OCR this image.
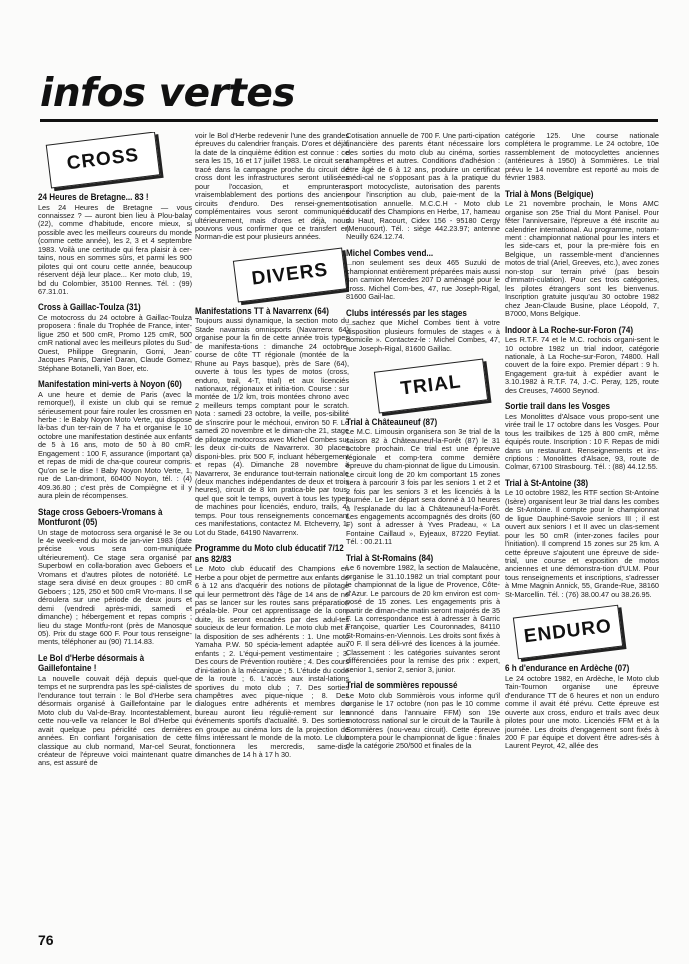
infos vertes
CROSS
24 Heures de Bretagne... 83 !

Les 24 Heures de Bretagne — vous connaissez ? — auront bien lieu à Plou-balay (22), comme d'habitude, encore mieux, si possible avec les meilleurs coureurs du monde (comme cette année), les 2, 3 et 4 septembre 1983. Voilà une certitude qui fera plaisir à cer-tains, nous en sommes sûrs, et parmi les 900 pilotes qui ont couru cette année, beaucoup réservent déjà leur place... Ker moto club, 19, bd du Colombier, 35100 Rennes. Tél. : (99) 67.31.01.

Cross à Gaillac-Toulza (31)

Ce motocross du 24 octobre à Gaillac-Toulza proposera : finale du Trophée de France, inter-ligue 250 et 500 cmR, Promo 125 cmR, 500 cmR national avec les meilleurs pilotes du Sud-Ouest, Philippe Gregnanin, Gorni, Jean-Jacques Panis, Daniel Daran, Claude Gomez, Stéphane Botanelli, Yan Boer, etc.

Manifestation mini-verts à Noyon (60)

A une heure et demie de Paris (avec la remorque!), il existe un club qui se remue sérieusement pour faire rouler les crossmen en herbe : le Baby Noyon Moto Verte, qui dispose là-bas d'un ter-rain de 7 ha et organise le 10 octobre une manifestation destinée aux enfants de 5 à 16 ans, moto de 50 à 80 cmR. Engagement : 100 F, assurance (important ça) et repas de midi de cha-que coureur compris. Qu'on se le dise ! Baby Noyon Moto Verte, 1, rue de Lan-drimont, 60400 Noyon, tél. : (4) 409.36.80 ; c'est près de Compiègne et il y aura plein de récompenses.

Stage cross Geboers-Vromans à Montfuront (05)

Un stage de motocross sera organisé le 3e ou le 4e week-end du mois de jan-vier 1983 (date précise vous sera com-muniquée ultérieurement). Ce stage sera organisé par Superbowl en colla-boration avec Geboers et Vromans et d'autres pilotes de notoriété. Le stage sera divisé en deux groupes : 80 cmR Geboers ; 125, 250 et 500 cmR Vro-mans. Il se déroulera sur une période de deux jours et demi (vendredi après-midi, samedi et dimanche) ; hébergement et repas compris ; lieu du stage Montfu-ront (près de Manosque 05). Prix du stage 600 F. Pour tous renseigne-ments, téléphoner au (90) 71.14.83.

Le Bol d'Herbe désormais à Gaillefontaine !

La nouvelle couvait déjà depuis quel-que temps et ne surprendra pas les spé-cialistes de l'endurance tout terrain : le Bol d'Herbe sera désormais organisé à Gaillefontaine par le Moto club du Val-de-Bray. Incontestablement, cette nou-velle va relancer le Bol d'Herbe qui avait quelque peu périclité ces dernières années. En confiant l'organisation de cette classique au club normand, Mar-cel Seurat, créateur de l'épreuve voici maintenant quatre ans, est assuré de

voir le Bol d'Herbe redevenir l'une des grandes épreuves du calendrier français. D'ores et déjà, la date de la cinquième édition est connue : ce sera les 15, 16 et 17 juillet 1983. Le circuit sera tracé dans la campagne proche du circuit de cross dont les infrastructures seront utilisées pour l'occasion, et emprunteras vraisemblablement des portions des anciens circuits d'enduro. Des rensei-gnements complémentaires vous seront communiqués ultérieurement, mais d'ores et déjà, nous pouvons vous confirmer que ce transfert en Norman-die est pour plusieurs années.

DIVERS
Manifestations TT à Navarrenx (64)

Toujours aussi dynamique, la section moto du Stade navarrais omnisports (Navarrenx 64) organise pour la fin de cette année trois types de manifesta-tions : dimanche 24 octobre, course de côte TT régionale (montée de la Rhune au Pays basque), près de Sare (64), ouverte à tous les types de motos (cross, enduro, trail, 4-T, trial) et aux licenciés nationaux, régionaux et initia-tion. Course : sur montée de 1/2 km, trois montées chrono avec 2 meilleurs temps comptant pour le scratch. Nota : samedi 23 octobre, la veille, pos-sibilité de s'inscrire pour le méchoui, environ 50 F. Le samedi 20 novembre et le diman-che 21, stage de pilotage motocross avec Michel Combes sur les deux cir-cuits de Navarrenx. 30 places disponi-bles. prix 500 F, incluant hébergement et repas (4). Dimanche 28 novembre à Navarrenx, 3e endurance tout-terrain nationale (deux manches indépendantes de deux et trois heures), circuit de 8 km pratica-ble par tous, quel que soit le temps, ouvert à tous les types de machines pour licenciés, enduro, trails, 4-temps. Pour tous renseignements concernant ces manifestations, contactez M. Etcheverry, 1, Lot du Stade, 64190 Navarrenx.

Programme du Moto club éducatif 7/12 ans 82/83

Le Moto club éducatif des Champions en Herbe a pour objet de permettre aux enfants de 6 à 12 ans d'acquérir des notions de pilotage qui leur permettront dès l'âge de 14 ans de ne pas se lancer sur les routes sans préparation préala-ble. Pour cet apprentissage de la con-duite, ils seront encadrés par des adul-tes soucieux de leur formation. Le moto club met à la disposition de ses adhérents : 1. Une moto Yamaha P.W. 50 spécia-lement adaptée aux enfants ; 2. L'équi-pement vestimentaire ; 3. Des cours de Prévention routière ; 4. Des cours d'ini-tiation à la mécanique ; 5. L'étude du code de la route ; 6. L'accès aux instal-lations sportives du moto club ; 7. Des sorties champêtres avec pique-nique ; 8. Des dialogues entre adhérents et membres du bureau auront lieu réguliè-rement sur les événements sportifs d'actualité. 9. Des sorties en groupe au cinéma lors de la projection de films intéressant le monde de la moto. Le club fonctionnera les mercredis, same-dis, dimanches de 14 h à 17 h 30.

Cotisation annuelle de 700 F. Une parti-cipation financière des parents étant nécessaire lors des sorties du moto club au cinéma, sorties champêtres et autres. Conditions d'adhésion : être âgé de 6 à 12 ans, produire un certificat médi-cal ne s'opposant pas à la pratique du sport motocycliste, autorisation des parents pour l'inscription au club, paie-ment de la cotisation annuelle. M.C.C.H - Moto club éducatif des Champions en Herbe, 17, hameau du Haut, Racourt, Cidex 156 - 95180 Cergy (Menucourt). Tél. : siège 442.23.97; antenne Neuilly 624.12.74.

Michel Combes vend...

...non seulement ses deux 465 Suzuki de championnat entièrement préparées mais aussi son camion Mercedes 207 D aménagé pour le cross. Michel Com-bes, 47, rue Joseph-Rigal, 81600 Gail-lac.

Clubs intéressés par les stages

...sachez que Michel Combes tient à votre disposition plusieurs formules de stages « à domicile ». Contactez-le : Michel Combes, 47, rue Joseph-Rigal, 81600 Gaillac.

TRIAL
Trial à Châteauneuf (87)

Le M.C. Limousin organisera son 3e trial de la saison 82 à Châteauneuf-la-Forêt (87) le 31 octobre prochain. Ce trial est une épreuve régionale et comp-tera comme dernière épreuve du cham-pionnat de ligue du Limousin. Le circuit long de 20 km comportant 15 zones sera à parcourir 3 fois par les seniors 1 et 2 et 2 fois par les seniors 3 et les licenciés à la journée. Le 1er départ sera donné à 10 heures à l'esplanade du lac à Châteauneuf-la-Forêt. Les engagements accompagnés des droits (60 F) sont à adresser à Yves Pradeau, « La Fontaine Caillaud », Eyjeaux, 87220 Feytiat. Tél. : 00.21.11

Trial à St-Romains (84)

Le 6 novembre 1982, la section de Malaucène, organise le 31.10.1982 un trial comptant pour le championnat de la ligue de Provence, Côte-d'Azur. Le parcours de 20 km environ est com-posé de 15 zones. Les engagements pris à partir de diman-che matin seront majorés de 35 F. La correspondance est à adresser à Garric Françoise, quartier Les Couronnades, 84110 St-Romains-en-Viennois. Les droits sont fixés à 70 F. Il sera déli-vré des licences à la journée. Classement : les catégories suivantes seront différenciées pour la remise des prix : expert, senior 1, senior 2, senior 3, junior.

Trial de sommières repoussé

Le Moto club Sommièrois vous informe qu'il organise le 17 octobre (non pas le 10 comme annoncé dans l'annuaire FFM) son 19e motocross national sur le circuit de la Taurille à Sommières (nou-veau circuit). Cette épreuve comptera pour le championnat de ligue : finales de la catégorie 250/500 et finales de la

catégorie 125. Une course nationale complétera le programme. Le 24 octobre, 10e rassemblement de motocyclettes anciennes (antérieures à 1950) à Sommières. Le trial prévu le 14 novembre est reporté au mois de février 1983.

Trial à Mons (Belgique)

Le 21 novembre prochain, le Mons AMC organise son 25e Trial du Mont Panisel. Pour fêter l'anniversaire, l'épreuve a été inscrite au calendrier international. Au programme, notam-ment : championnat national pour les inters et les side-cars et, pour la pre-mière fois en Belgique, un rassemble-ment d'anciennes motos de trial (Ariel, Greeves, etc.), avec zones non-stop sur terrain privé (pas besoin d'immatri-culation). Pour ces trois catégories, les pilotes étrangers sont les bienvenus. Inscription gratuite jusqu'au 30 octobre 1982 chez Jean-Claude Busine, place Léopold, 7, B7000, Mons Belgique.

Indoor à La Roche-sur-Foron (74)

Les R.T.F. 74 et le M.C. rochois organi-sent le 10 octobre 1982 un trial indoor, catégorie nationale, à La Roche-sur-Foron, 74800. Hall couvert de la foire expo. Premier départ : 9 h. Engagement gra-tuit à expédier avant le 3.10.1982 à R.T.F. 74, J.-C. Peray, 125, route des Creuses, 74600 Seynod.

Sortie trail dans les Vosges

Les Monolittes d'Alsace vous propo-sent une virée trail le 17 octobre dans les Vosges. Pour tous les trailbikes de 125 à 800 cmR, même équipés route. Inscription : 10 F. Repas de midi dans un restaurant. Renseignements et ins-criptions : Monolittes d'Alsace, 93, route de Colmar, 67100 Strasbourg. Tél. : (88) 44.12.55.

Trial à St-Antoine (38)

Le 10 octobre 1982, les RTF section St-Antoine (Isère) organisent leur 3e trial dans les combes de St-Antoine. Il compte pour le championnat de ligue Dauphiné-Savoie seniors III ; il est ouvert aux seniors I et II avec un clas-sement pour les 50 cmR (inter-zones faciles pour l'initiation). Il comprend 15 zones sur 25 km. A cette épreuve s'ajoutent une épreuve de side-trial, une course et exposition de motos anciennes et une démonstra-tion d'ULM. Pour tous renseignements et inscriptions, s'adresser à Mme Magnin Annick, 55, Grande-Rue, 38160 St-Marcellin. Tél. : (76) 38.00.47 ou 38.26.95.

ENDURO
6 h d'endurance en Ardèche (07)

Le 24 octobre 1982, en Ardèche, le Moto club Tain-Tournon organise une épreuve d'endurance TT de 6 heures et non un enduro comme il avait été prévu. Cette épreuve est ouverte aux cross, enduro et trails avec deux pilotes pour une moto. Licenciés FFM et à la journée. Les droits d'engagement sont fixés à 200 F par équipe et doivent être adres-sés à Laurent Peyrot, 42, allée des

76
